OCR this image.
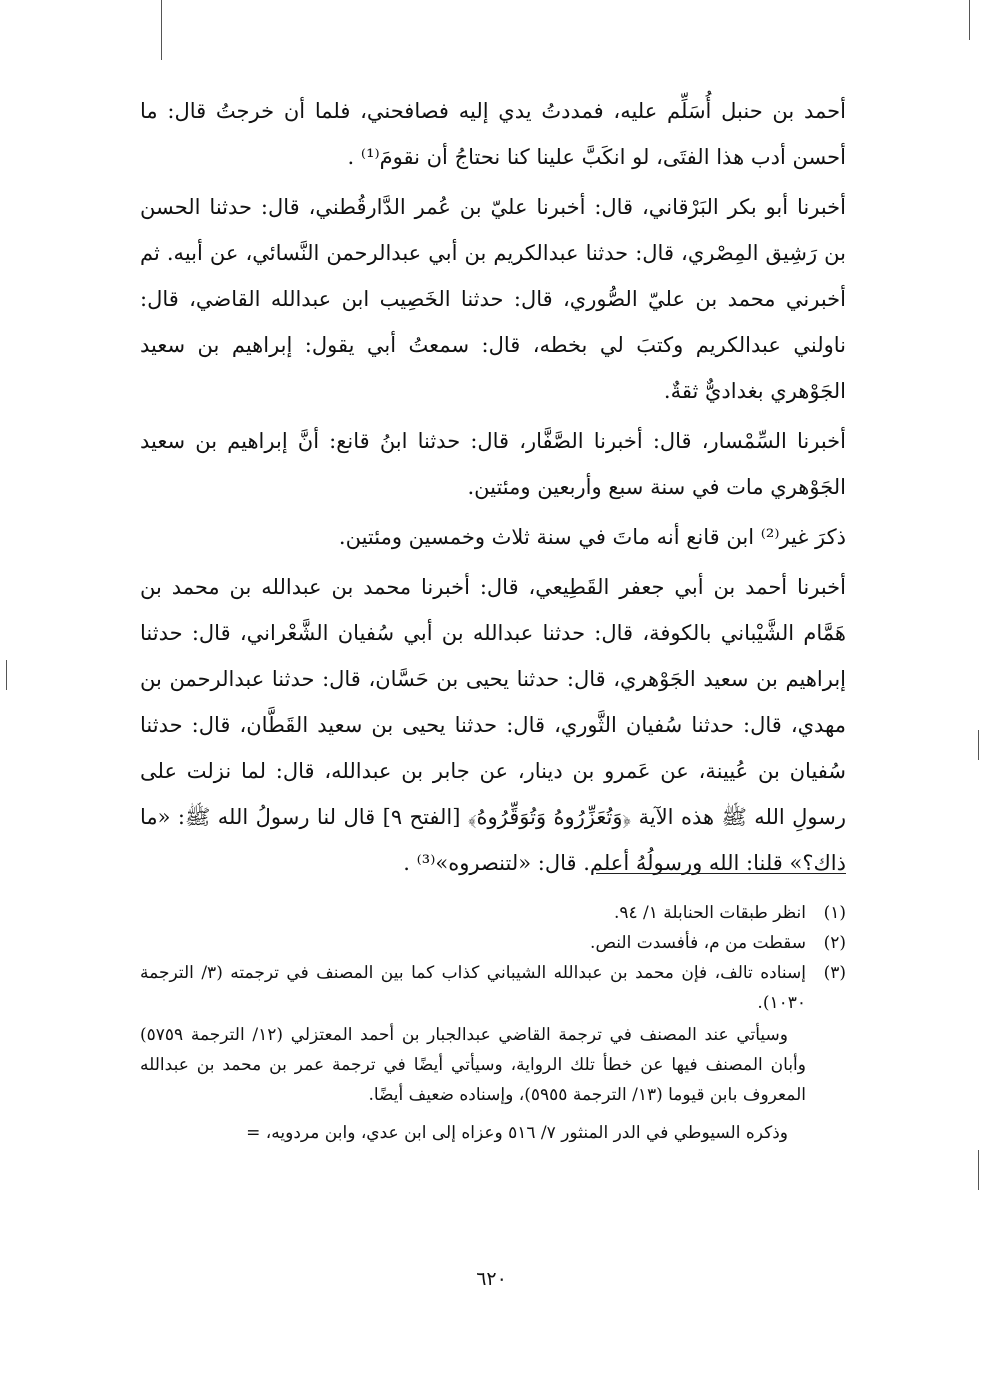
أحمد بن حنبل أُسَلِّم عليه، فمددتُ يدي إليه فصافحني، فلما أن خرجتُ قال: ما أحسن أدب هذا الفتَى، لو انكَبَّ علينا كنا نحتاجُ أن نقومَ⁽¹⁾ .

أخبرنا أبو بكر البَرْقاني، قال: أخبرنا عليّ بن عُمر الدَّارقُطني، قال: حدثنا الحسن بن رَشِيق المِصْري، قال: حدثنا عبدالكريم بن أبي عبدالرحمن النَّسائي، عن أبيه. ثم أخبرني محمد بن عليّ الصُّوري، قال: حدثنا الخَصِيب ابن عبدالله القاضي، قال: ناولني عبدالكريم وكتبَ لي بخطه، قال: سمعتُ أبي يقول: إبراهيم بن سعيد الجَوْهري بغداديٌّ ثقةٌ.

أخبرنا السِّمْسار، قال: أخبرنا الصَّفَّار، قال: حدثنا ابنُ قانع: أنَّ إبراهيم بن سعيد الجَوْهري مات في سنة سبع وأربعين ومئتين.

ذكرَ غير⁽²⁾ ابن قانع أنه ماتَ في سنة ثلاث وخمسين ومئتين.

أخبرنا أحمد بن أبي جعفر القَطِيعي، قال: أخبرنا محمد بن عبدالله بن محمد بن هَمَّام الشَّيْباني بالكوفة، قال: حدثنا عبدالله بن أبي سُفيان الشَّعْراني، قال: حدثنا إبراهيم بن سعيد الجَوْهري، قال: حدثنا يحيى بن حَسَّان، قال: حدثنا عبدالرحمن بن مهدي، قال: حدثنا سُفيان الثَّوري، قال: حدثنا يحيى بن سعيد القَطَّان، قال: حدثنا سُفيان بن عُيينة، عن عَمرو بن دينار، عن جابر بن عبدالله، قال: لما نزلت على رسولِ الله ﷺ هذه الآية ﴿وَتُعَزِّرُوهُ وَتُوَقِّرُوهُ﴾ [الفتح ٩] قال لنا رسولُ الله ﷺ: «ما ذاك؟» قلنا: الله ورسولُهُ أعلم. قال: «لتنصروه»⁽³⁾ .

(١)
انظر طبقات الحنابلة ١/ ٩٤.
(٢)
سقطت من م، فأفسدت النص.
(٣)
إسناده تالف، فإن محمد بن عبدالله الشيباني كذاب كما بين المصنف في ترجمته (٣/ الترجمة ١٠٣٠).

وسيأتي عند المصنف في ترجمة القاضي عبدالجبار بن أحمد المعتزلي (١٢/ الترجمة ٥٧٥٩) وأبان المصنف فيها عن خطأ تلك الرواية، وسيأتي أيضًا في ترجمة عمر بن محمد بن عبدالله المعروف بابن قيوما (١٣/ الترجمة ٥٩٥٥)، وإسناده ضعيف أيضًا.

وذكره السيوطي في الدر المنثور ٧/ ٥١٦ وعزاه إلى ابن عدي، وابن مردويه، =

٦٢٠
